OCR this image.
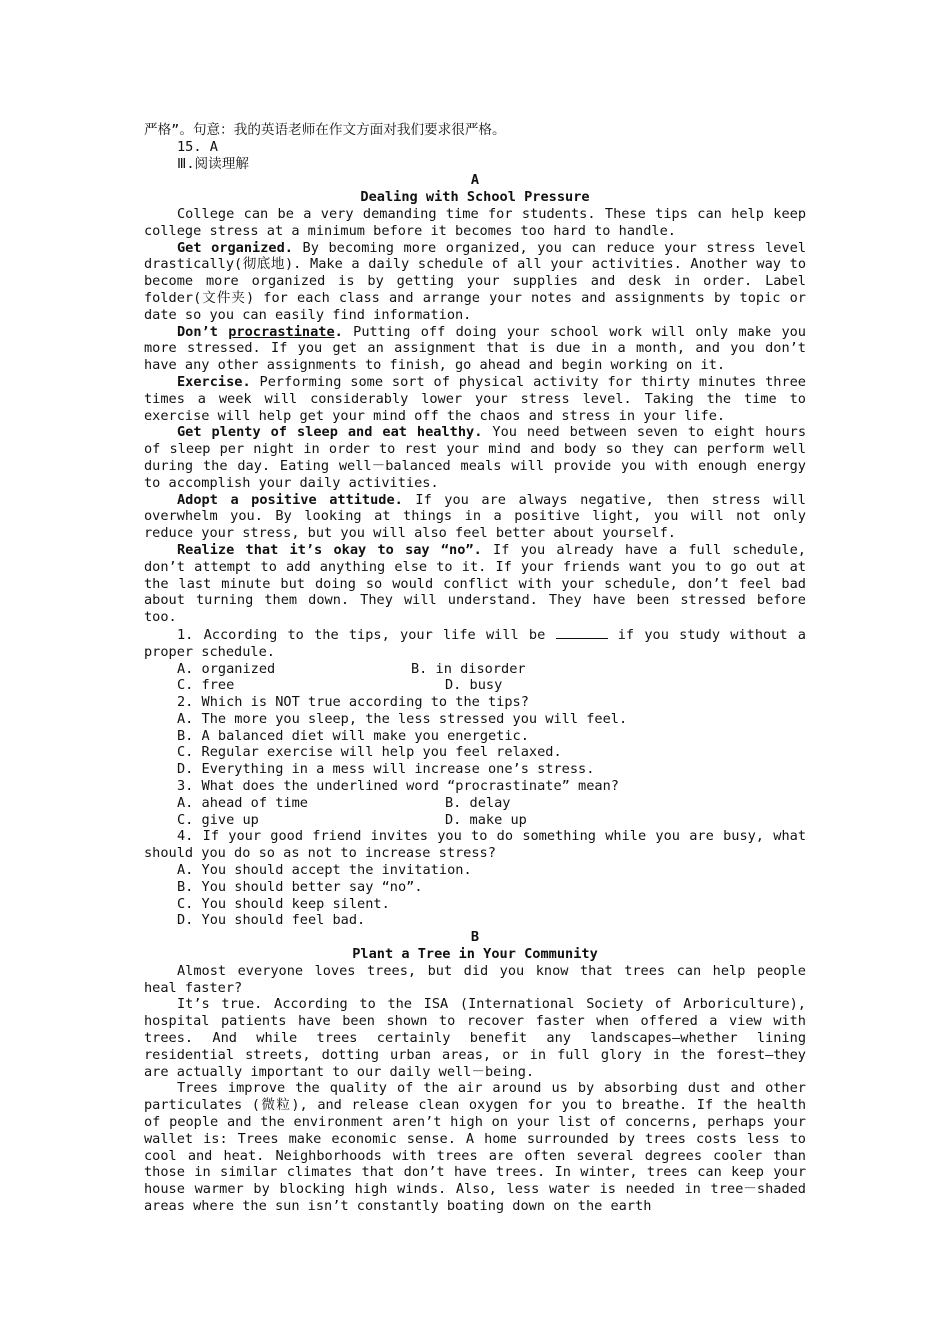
严格”。句意：我的英语老师在作文方面对我们要求很严格。

15. A

Ⅲ.阅读理解

A

Dealing with School Pressure

College can be a very demanding time for students. These tips can help keep college stress at a minimum before it becomes too hard to handle.

Get organized. By becoming more organized, you can reduce your stress level drastically(彻底地). Make a daily schedule of all your activities. Another way to become more organized is by getting your supplies and desk in order. Label folder(文件夹) for each class and arrange your notes and assignments by topic or date so you can easily find information.

Don’t procrastinate. Putting off doing your school work will only make you more stressed. If you get an assignment that is due in a month, and you don’t have any other assignments to finish, go ahead and begin working on it.

Exercise. Performing some sort of physical activity for thirty minutes three times a week will considerably lower your stress level. Taking the time to exercise will help get your mind off the chaos and stress in your life.

Get plenty of sleep and eat healthy. You need between seven to eight hours of sleep per night in order to rest your mind and body so they can perform well during the day. Eating well－balanced meals will provide you with enough energy to accomplish your daily activities.

Adopt a positive attitude. If you are always negative, then stress will overwhelm you. By looking at things in a positive light, you will not only reduce your stress, but you will also feel better about yourself.

Realize that it’s okay to say “no”. If you already have a full schedule, don’t attempt to add anything else to it. If your friends want you to go out at the last minute but doing so would conflict with your schedule, don’t feel bad about turning them down. They will understand. They have been stressed before too.

1. According to the tips, your life will be	if you study without a proper schedule.

A. organized	B. in disorder
C. free	D. busy

2. Which is NOT true according to the tips?

A. The more you sleep, the less stressed you will feel.

B. A balanced diet will make you energetic.

C. Regular exercise will help you feel relaxed.

D. Everything in a mess will increase one’s stress.

3. What does the underlined word “procrastinate” mean?

A. ahead of time	B. delay
C. give up	D. make up

4. If your good friend invites you to do something while you are busy, what should you do so as not to increase stress?

A. You should accept the invitation.

B. You should better say “no”.

C. You should keep silent.

D. You should feel bad.

B

Plant a Tree in Your Community

Almost everyone loves trees, but did you know that trees can help people heal faster?

It’s true. According to the ISA (International Society of Arboriculture), hospital patients have been shown to recover faster when offered a view with trees. And while trees certainly benefit any landscapes—whether lining residential streets, dotting urban areas, or in full glory in the forest—they are actually important to our daily well－being.

Trees improve the quality of the air around us by absorbing dust and other particulates (微粒), and release clean oxygen for you to breathe. If the health of people and the environment aren’t high on your list of concerns, perhaps your wallet is: Trees make economic sense. A home surrounded by trees costs less to cool and heat. Neighborhoods with trees are often several degrees cooler than those in similar climates that don’t have trees. In winter, trees can keep your house warmer by blocking high winds. Also, less water is needed in tree－shaded areas where the sun isn’t constantly boating down on the earth
